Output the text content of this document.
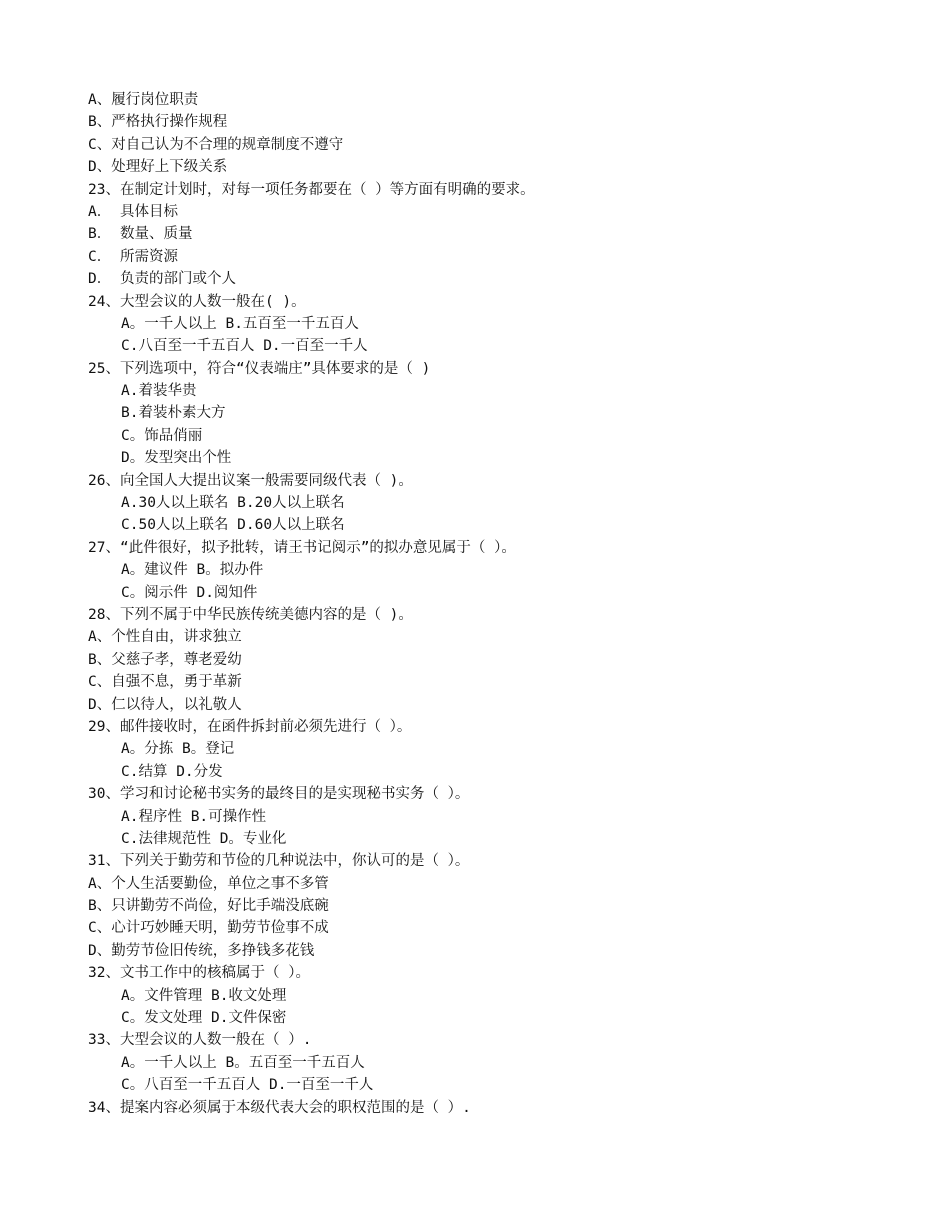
A、履行岗位职责
B、严格执行操作规程
C、对自己认为不合理的规章制度不遵守
D、处理好上下级关系
23、在制定计划时，对每一项任务都要在（ ）等方面有明确的要求。
A． 具体目标
B． 数量、质量
C． 所需资源
D． 负责的部门或个人
24、大型会议的人数一般在( )。
A。一千人以上 B.五百至一千五百人
C.八百至一千五百人 D.一百至一千人
25、下列选项中，符合“仪表端庄”具体要求的是（ )
A.着装华贵
B.着装朴素大方
C。饰品俏丽
D。发型突出个性
26、向全国人大提出议案一般需要同级代表（ )。
A.30人以上联名 B.20人以上联名
C.50人以上联名 D.60人以上联名
27、“此件很好，拟予批转，请王书记阅示”的拟办意见属于（ ）。
A。建议件 B。拟办件
C。阅示件 D.阅知件
28、下列不属于中华民族传统美德内容的是（ )。
A、个性自由，讲求独立
B、父慈子孝，尊老爱幼
C、自强不息，勇于革新
D、仁以待人，以礼敬人
29、邮件接收时，在函件拆封前必须先进行（ ）。
A。分拣 B。登记
C.结算 D.分发
30、学习和讨论秘书实务的最终目的是实现秘书实务（ ）。
A.程序性 B.可操作性
C.法律规范性 D。专业化
31、下列关于勤劳和节俭的几种说法中，你认可的是（ ）。
A、个人生活要勤俭，单位之事不多管
B、只讲勤劳不尚俭，好比手端没底碗
C、心计巧妙睡天明，勤劳节俭事不成
D、勤劳节俭旧传统，多挣钱多花钱
32、文书工作中的核稿属于（ ）。
A。文件管理 B.收文处理
C。发文处理 D.文件保密
33、大型会议的人数一般在（ ）.
A。一千人以上 B。五百至一千五百人
C。八百至一千五百人 D.一百至一千人
34、提案内容必须属于本级代表大会的职权范围的是（ ）.
